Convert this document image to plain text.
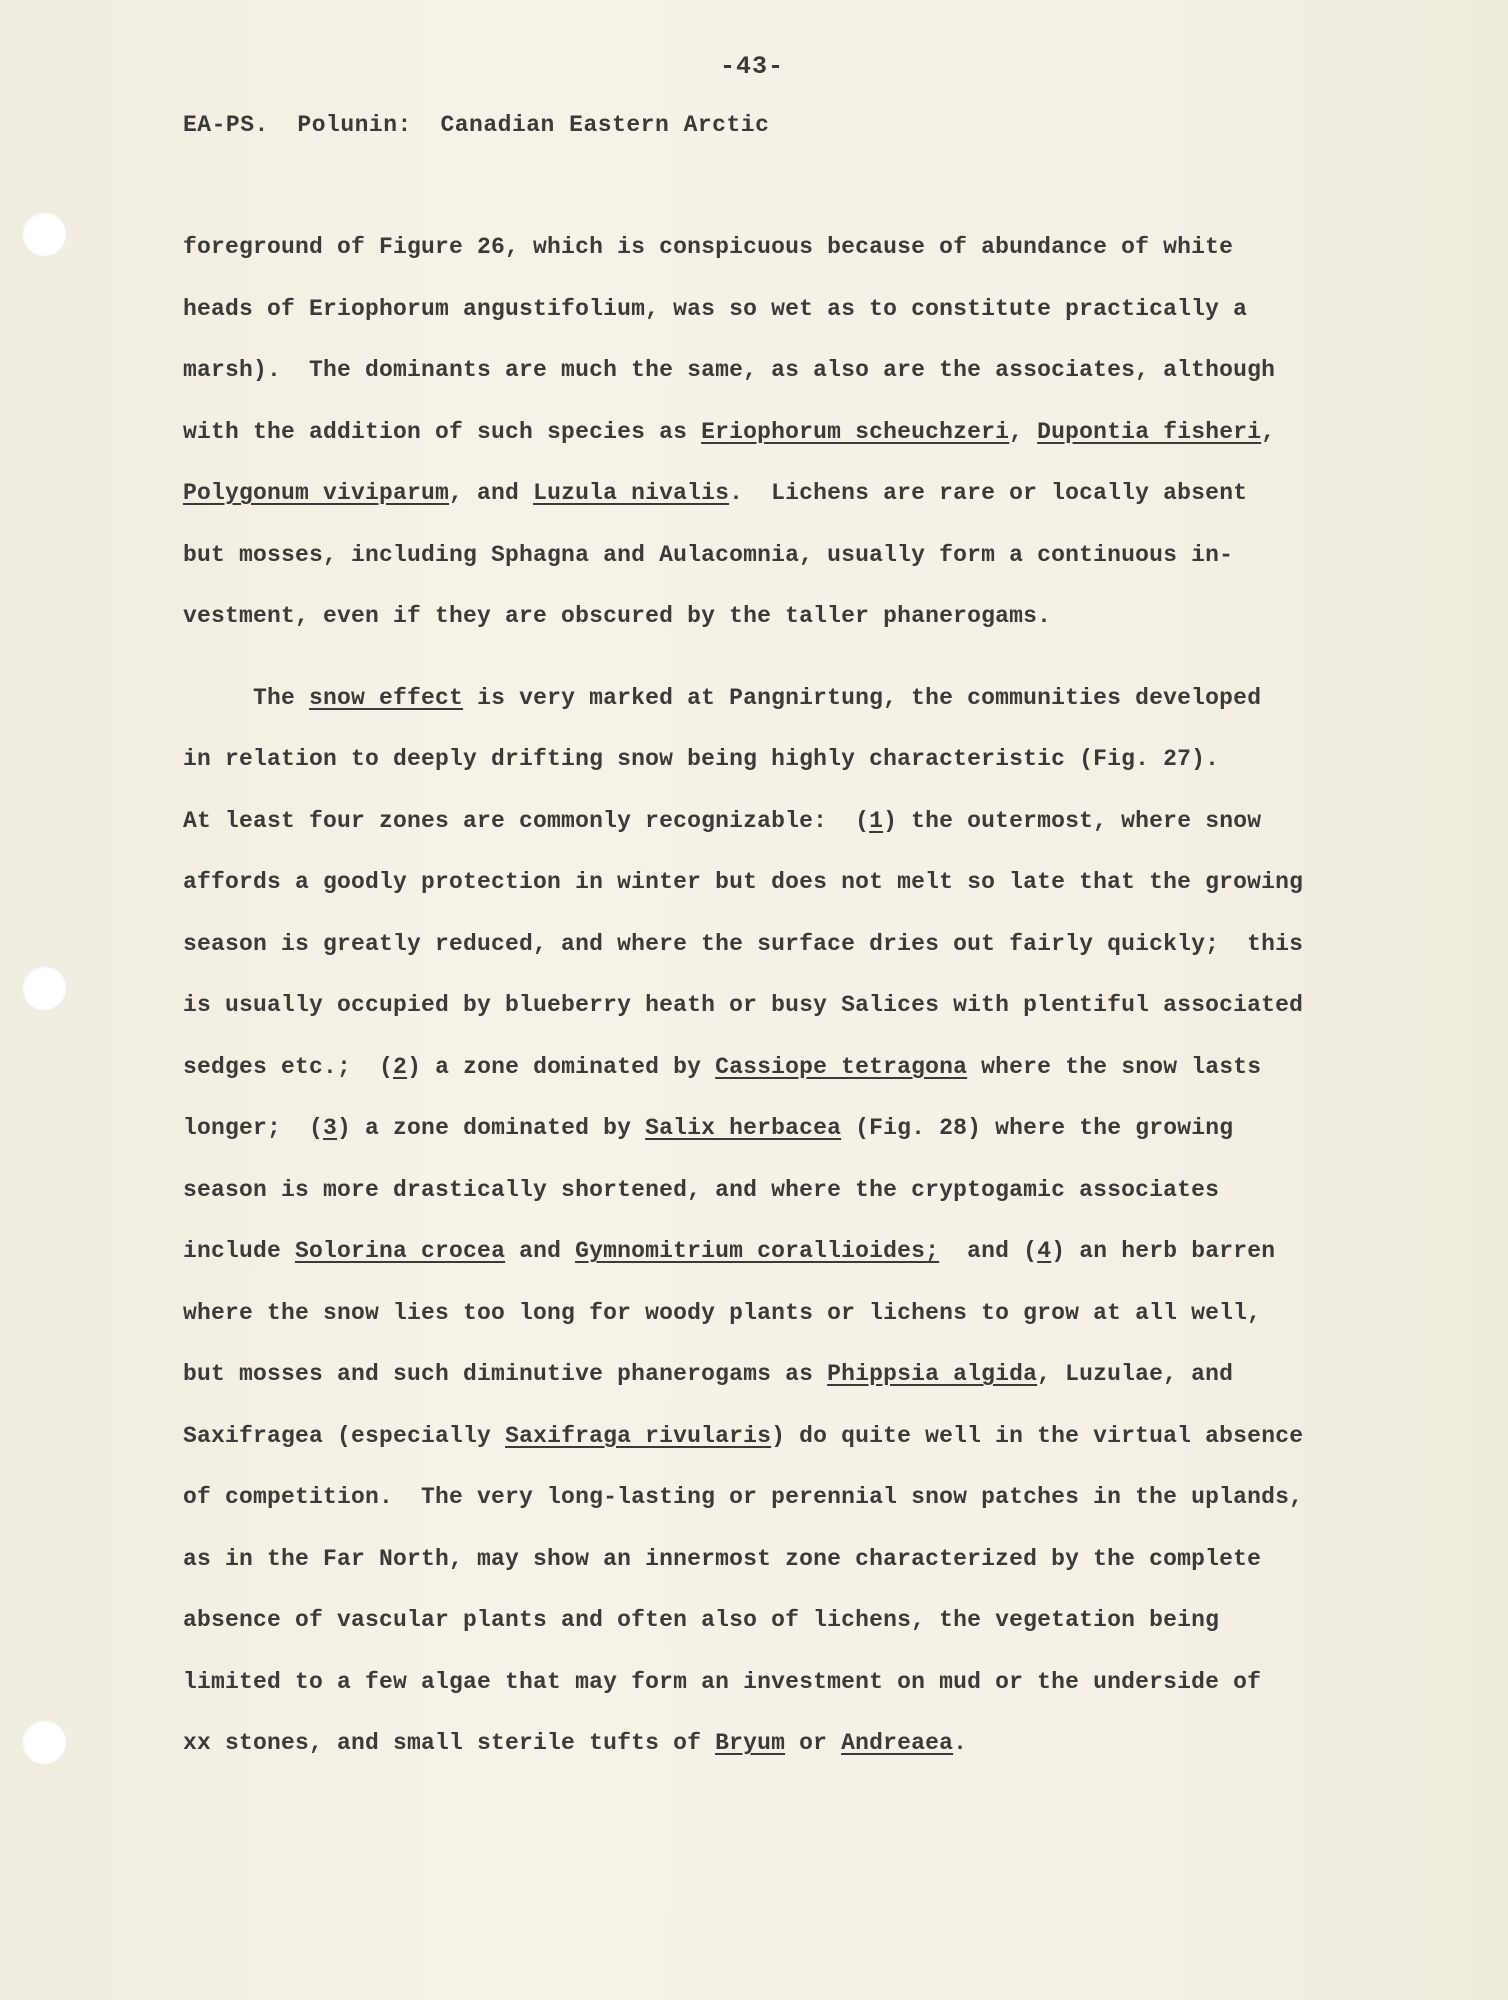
-43-
EA-PS.  Polunin:  Canadian Eastern Arctic
foreground of Figure 26, which is conspicuous because of abundance of white
heads of Eriophorum angustifolium, was so wet as to constitute practically a
marsh).  The dominants are much the same, as also are the associates, although
with the addition of such species as Eriophorum scheuchzeri, Dupontia fisheri,
Polygonum viviparum, and Luzula nivalis.  Lichens are rare or locally absent
but mosses, including Sphagna and Aulacomnia, usually form a continuous in-
vestment, even if they are obscured by the taller phanerogams.
The snow effect is very marked at Pangnirtung, the communities developed
in relation to deeply drifting snow being highly characteristic (Fig. 27).
At least four zones are commonly recognizable:  (1) the outermost, where snow
affords a goodly protection in winter but does not melt so late that the growing
season is greatly reduced, and where the surface dries out fairly quickly;  this
is usually occupied by blueberry heath or busy Salices with plentiful associated
sedges etc.;  (2) a zone dominated by Cassiope tetragona where the snow lasts
longer;  (3) a zone dominated by Salix herbacea (Fig. 28) where the growing
season is more drastically shortened, and where the cryptogamic associates
include Solorina crocea and Gymnomitrium corallioides;  and (4) an herb barren
where the snow lies too long for woody plants or lichens to grow at all well,
but mosses and such diminutive phanerogams as Phippsia algida, Luzulae, and
Saxifragea (especially Saxifraga rivularis) do quite well in the virtual absence
of competition.  The very long-lasting or perennial snow patches in the uplands,
as in the Far North, may show an innermost zone characterized by the complete
absence of vascular plants and often also of lichens, the vegetation being
limited to a few algae that may form an investment on mud or the underside of
xx stones, and small sterile tufts of Bryum or Andreaea.
